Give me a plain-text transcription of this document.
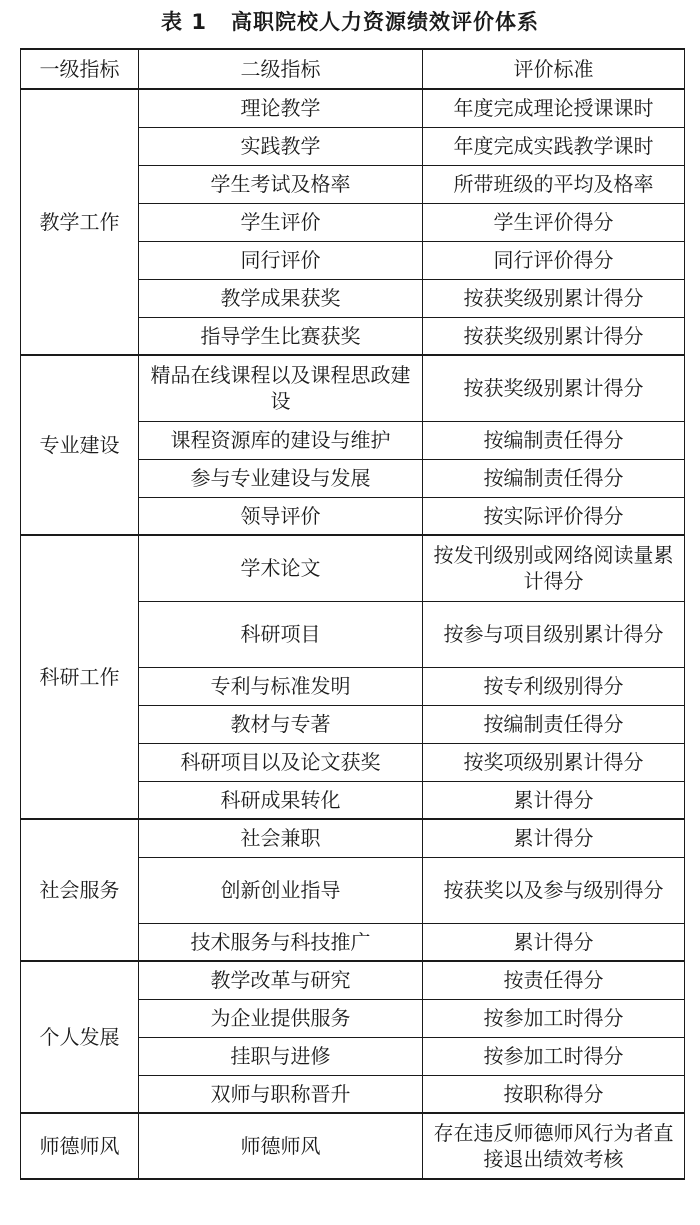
表 1 高职院校人力资源绩效评价体系
一级指标	二级指标	评价标准
教学工作	理论教学	年度完成理论授课课时
	实践教学	年度完成实践教学课时
	学生考试及格率	所带班级的平均及格率
	学生评价	学生评价得分
	同行评价	同行评价得分
	教学成果获奖	按获奖级别累计得分
	指导学生比赛获奖	按获奖级别累计得分
专业建设	精品在线课程以及课程思政建设	按获奖级别累计得分
	课程资源库的建设与维护	按编制责任得分
	参与专业建设与发展	按编制责任得分
	领导评价	按实际评价得分
科研工作	学术论文	按发刊级别或网络阅读量累计得分
	科研项目	按参与项目级别累计得分
	专利与标准发明	按专利级别得分
	教材与专著	按编制责任得分
	科研项目以及论文获奖	按奖项级别累计得分
	科研成果转化	累计得分
社会服务	社会兼职	累计得分
	创新创业指导	按获奖以及参与级别得分
	技术服务与科技推广	累计得分
个人发展	教学改革与研究	按责任得分
	为企业提供服务	按参加工时得分
	挂职与进修	按参加工时得分
	双师与职称晋升	按职称得分
师德师风	师德师风	存在违反师德师风行为者直接退出绩效考核
